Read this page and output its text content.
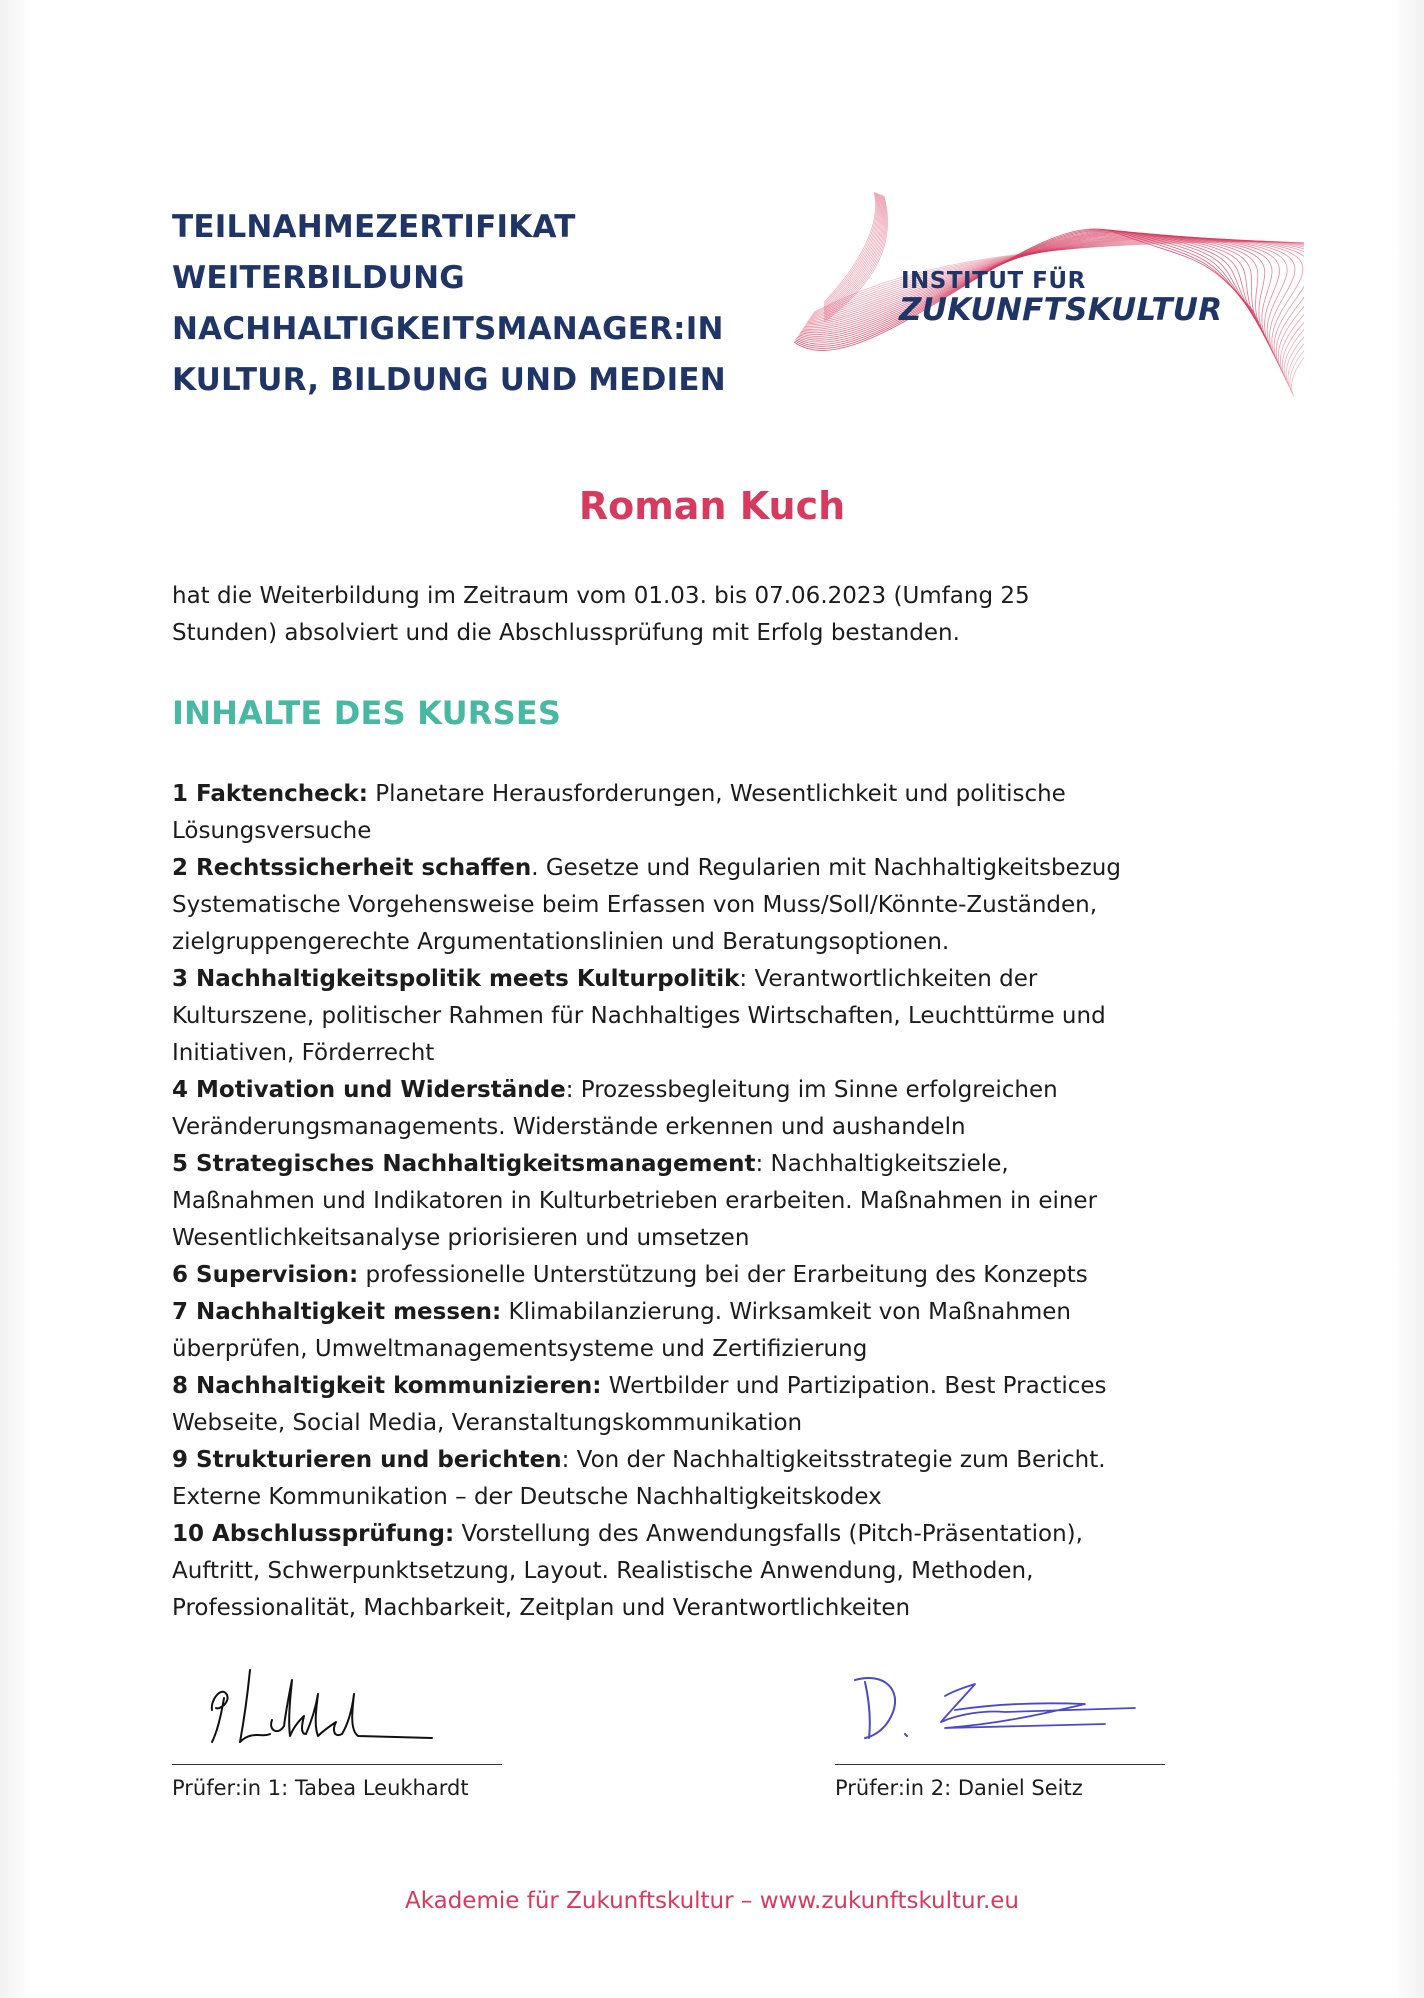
TEILNAHMEZERTIFIKAT
WEITERBILDUNG
NACHHALTIGKEITSMANAGER:IN
KULTUR, BILDUNG UND MEDIEN
INSTITUT FÜR
ZUKUNFTSKULTUR
Roman Kuch
hat die Weiterbildung im Zeitraum vom 01.03. bis 07.06.2023 (Umfang 25
Stunden) absolviert und die Abschlussprüfung mit Erfolg bestanden.
INHALTE DES KURSES
1 Faktencheck: Planetare Herausforderungen, Wesentlichkeit und politische
Lösungsversuche
2 Rechtssicherheit schaffen. Gesetze und Regularien mit Nachhaltigkeitsbezug
Systematische Vorgehensweise beim Erfassen von Muss/Soll/Könnte-Zuständen,
zielgruppengerechte Argumentationslinien und Beratungsoptionen.
3 Nachhaltigkeitspolitik meets Kulturpolitik: Verantwortlichkeiten der
Kulturszene, politischer Rahmen für Nachhaltiges Wirtschaften, Leuchttürme und
Initiativen, Förderrecht
4 Motivation und Widerstände: Prozessbegleitung im Sinne erfolgreichen
Veränderungsmanagements. Widerstände erkennen und aushandeln
5 Strategisches Nachhaltigkeitsmanagement: Nachhaltigkeitsziele,
Maßnahmen und Indikatoren in Kulturbetrieben erarbeiten. Maßnahmen in einer
Wesentlichkeitsanalyse priorisieren und umsetzen
6 Supervision: professionelle Unterstützung bei der Erarbeitung des Konzepts
7 Nachhaltigkeit messen: Klimabilanzierung. Wirksamkeit von Maßnahmen
überprüfen, Umweltmanagementsysteme und Zertifizierung
8 Nachhaltigkeit kommunizieren: Wertbilder und Partizipation. Best Practices
Webseite, Social Media, Veranstaltungskommunikation
9 Strukturieren und berichten: Von der Nachhaltigkeitsstrategie zum Bericht.
Externe Kommunikation – der Deutsche Nachhaltigkeitskodex
10 Abschlussprüfung: Vorstellung des Anwendungsfalls (Pitch-Präsentation),
Auftritt, Schwerpunktsetzung, Layout. Realistische Anwendung, Methoden,
Professionalität, Machbarkeit, Zeitplan und Verantwortlichkeiten
Prüfer:in 1: Tabea Leukhardt	Prüfer:in 2: Daniel Seitz
Akademie für Zukunftskultur – www.zukunftskultur.eu
